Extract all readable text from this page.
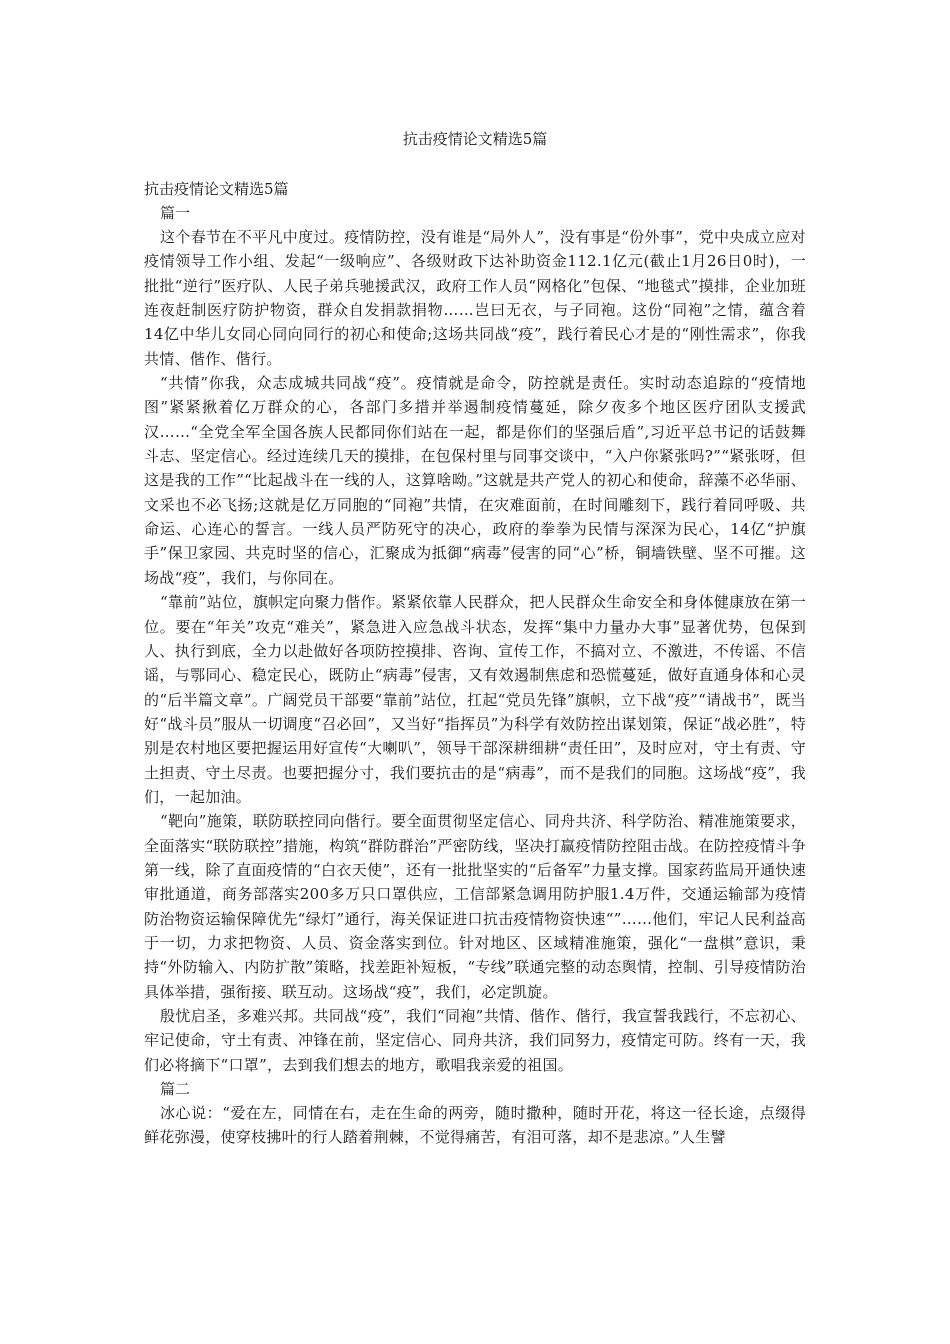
抗击疫情论文精选5篇

抗击疫情论文精选5篇

篇一

这个春节在不平凡中度过。疫情防控，没有谁是“局外人”，没有事是“份外事”，党中央成立应对疫情领导工作小组、发起“一级响应”、各级财政下达补助资金112.1亿元(截止1月26日0时)，一批批“逆行”医疗队、人民子弟兵驰援武汉，政府工作人员“网格化”包保、“地毯式”摸排，企业加班连夜赶制医疗防护物资，群众自发捐款捐物……岂曰无衣，与子同袍。这份“同袍”之情，蕴含着14亿中华儿女同心同向同行的初心和使命;这场共同战“疫”，践行着民心才是的“刚性需求”，你我共情、偕作、偕行。

“共情”你我，众志成城共同战“疫”。疫情就是命令，防控就是责任。实时动态追踪的“疫情地图”紧紧揪着亿万群众的心，各部门多措并举遏制疫情蔓延，除夕夜多个地区医疗团队支援武汉……“全党全军全国各族人民都同你们站在一起，都是你们的坚强后盾”,习近平总书记的话鼓舞斗志、坚定信心。经过连续几天的摸排，在包保村里与同事交谈中，“入户你紧张吗?”“紧张呀，但这是我的工作”“比起战斗在一线的人，这算啥呦。”这就是共产党人的初心和使命，辞藻不必华丽、文采也不必飞扬;这就是亿万同胞的“同袍”共情，在灾难面前，在时间雕刻下，践行着同呼吸、共命运、心连心的誓言。一线人员严防死守的决心，政府的拳拳为民情与深深为民心，14亿“护旗手”保卫家园、共克时坚的信心，汇聚成为抵御“病毒”侵害的同“心”桥，铜墙铁壁、坚不可摧。这场战“疫”，我们，与你同在。

“靠前”站位，旗帜定向聚力偕作。紧紧依靠人民群众，把人民群众生命安全和身体健康放在第一位。要在“年关”攻克“难关”，紧急进入应急战斗状态，发挥“集中力量办大事”显著优势，包保到人、执行到底，全力以赴做好各项防控摸排、咨询、宣传工作，不搞对立、不激进，不传谣、不信谣，与鄂同心、稳定民心，既防止“病毒”侵害，又有效遏制焦虑和恐慌蔓延，做好直通身体和心灵的“后半篇文章”。广阔党员干部要“靠前”站位，扛起“党员先锋”旗帜，立下战“疫”“请战书”，既当好“战斗员”服从一切调度“召必回”，又当好“指挥员”为科学有效防控出谋划策，保证“战必胜”，特别是农村地区要把握运用好宣传“大喇叭”，领导干部深耕细耕“责任田”，及时应对，守土有责、守土担责、守土尽责。也要把握分寸，我们要抗击的是“病毒”，而不是我们的同胞。这场战“疫”，我们，一起加油。

“靶向”施策，联防联控同向偕行。要全面贯彻坚定信心、同舟共济、科学防治、精准施策要求，全面落实“联防联控”措施，构筑“群防群治”严密防线，坚决打赢疫情防控阻击战。在防控疫情斗争第一线，除了直面疫情的“白衣天使”，还有一批批坚实的“后备军”力量支撑。国家药监局开通快速审批通道，商务部落实200多万只口罩供应，工信部紧急调用防护服1.4万件，交通运输部为疫情防治物资运输保障优先“绿灯”通行，海关保证进口抗击疫情物资快速“”……他们，牢记人民利益高于一切，力求把物资、人员、资金落实到位。针对地区、区域精准施策，强化“一盘棋”意识，秉持“外防输入、内防扩散”策略，找差距补短板，“专线”联通完整的动态舆情，控制、引导疫情防治具体举措，强衔接、联互动。这场战“疫”，我们，必定凯旋。

殷忧启圣，多难兴邦。共同战“疫”，我们“同袍”共情、偕作、偕行，我宣誓我践行，不忘初心、牢记使命，守土有责、冲锋在前，坚定信心、同舟共济，我们同努力，疫情定可防。终有一天，我们必将摘下“口罩”，去到我们想去的地方，歌唱我亲爱的祖国。

篇二

冰心说：“爱在左，同情在右，走在生命的两旁，随时撒种，随时开花，将这一径长途，点缀得鲜花弥漫，使穿枝拂叶的行人踏着荆棘，不觉得痛苦，有泪可落，却不是悲凉。”人生譬
